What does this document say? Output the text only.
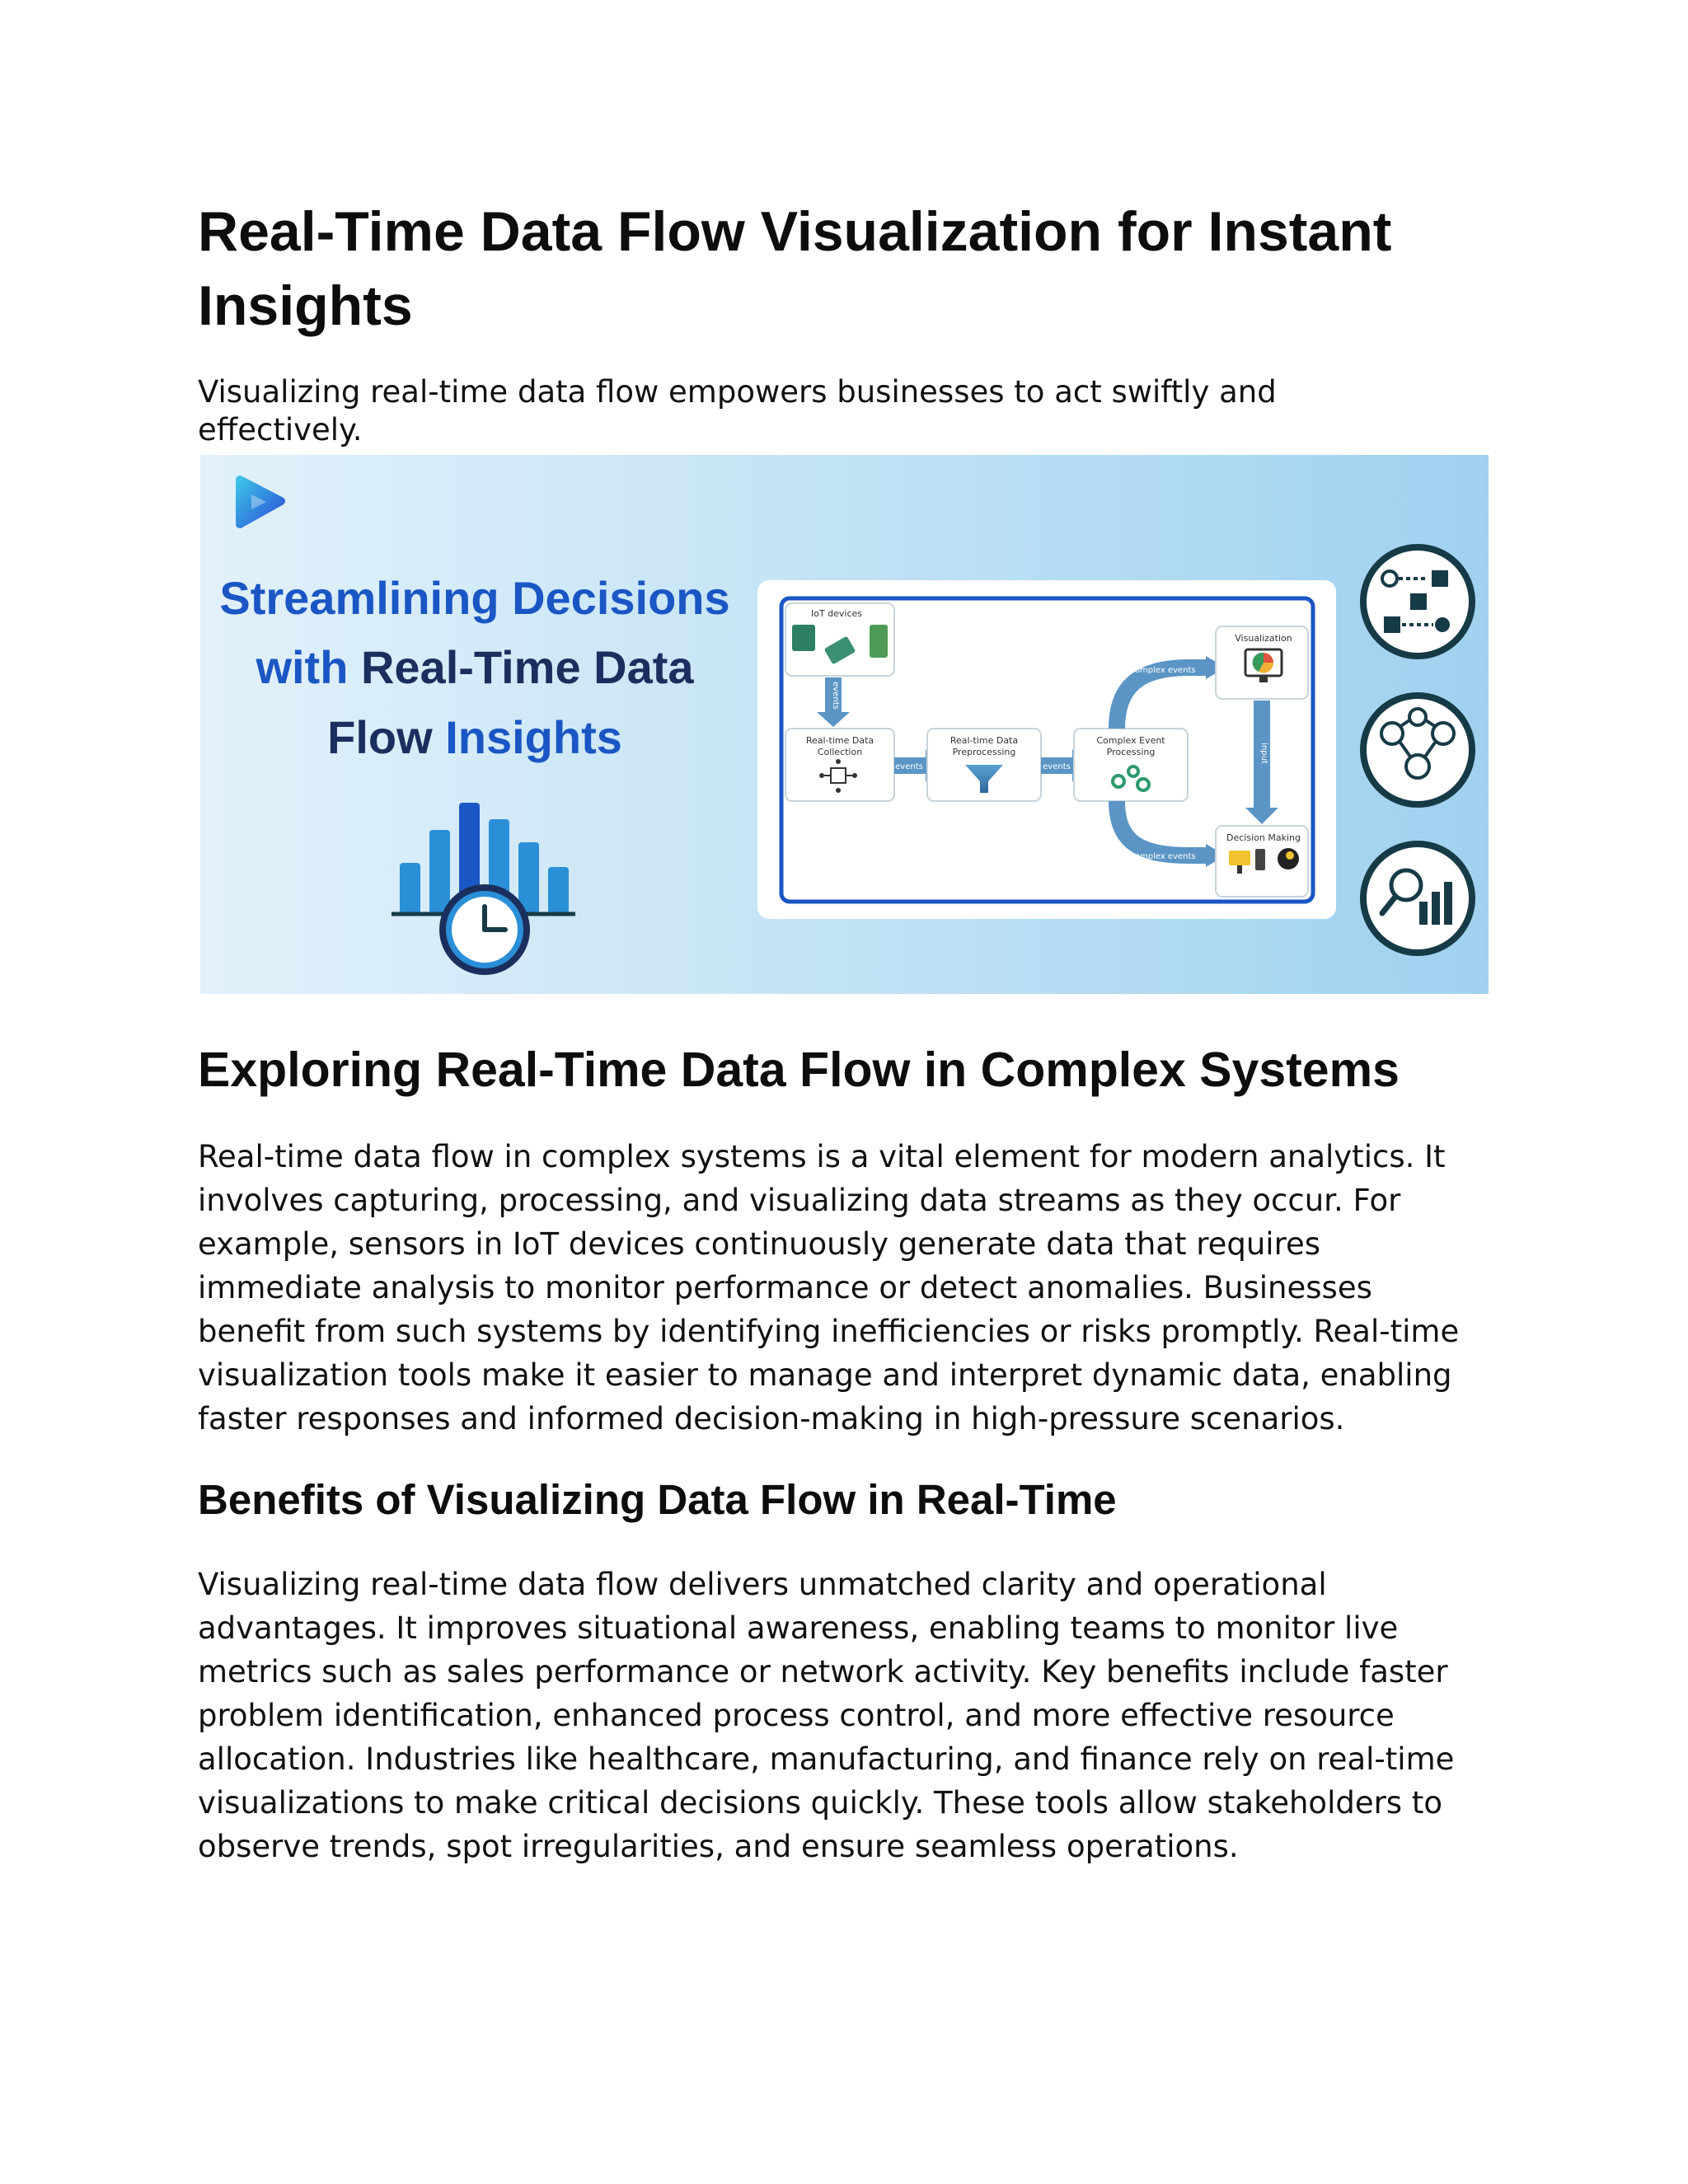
Real-Time Data Flow Visualization for Instant Insights

Visualizing real-time data flow empowers businesses to act swiftly and effectively.

Streamlining Decisions
with Real-Time Data
Flow Insights
IoT devices
events
Real-time Data
Collection
events
Real-time Data
Preprocessing
events
Complex Event
Processing
complex events
complex events
Visualization
input
Decision Making
Exploring Real-Time Data Flow in Complex Systems

Real-time data flow in complex systems is a vital element for modern analytics. It involves capturing, processing, and visualizing data streams as they occur. For example, sensors in IoT devices continuously generate data that requires immediate analysis to monitor performance or detect anomalies. Businesses benefit from such systems by identifying inefficiencies or risks promptly. Real-time visualization tools make it easier to manage and interpret dynamic data, enabling faster responses and informed decision-making in high-pressure scenarios.

Benefits of Visualizing Data Flow in Real-Time

Visualizing real-time data flow delivers unmatched clarity and operational advantages. It improves situational awareness, enabling teams to monitor live metrics such as sales performance or network activity. Key benefits include faster problem identification, enhanced process control, and more effective resource allocation. Industries like healthcare, manufacturing, and finance rely on real-time visualizations to make critical decisions quickly. These tools allow stakeholders to observe trends, spot irregularities, and ensure seamless operations.
